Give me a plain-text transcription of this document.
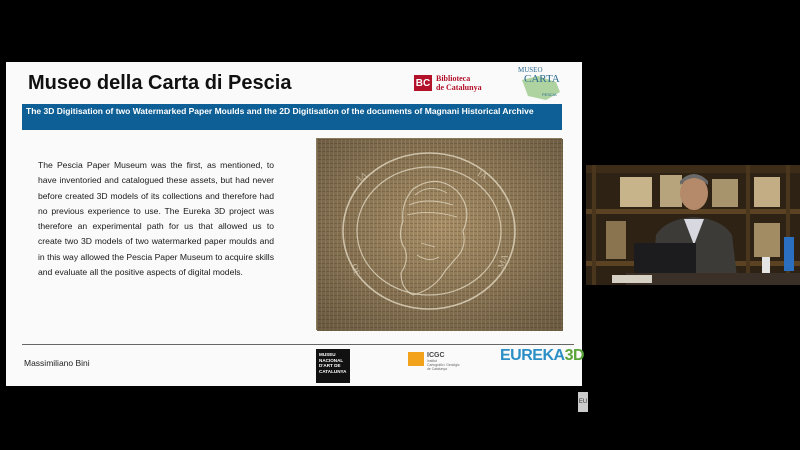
Museo della Carta di Pescia	BC Biblioteca
de Catalunya
MUSEO
CARTA
PESCIA
The 3D Digitisation of two Watermarked Paper Moulds and the 2D Digitisation of the documents of Magnani Historical Archive
The Pescia Paper Museum was the first, as mentioned, to have inventoried and catalogued these assets, but had never before created 3D models of its collections and therefore had no previous experience to use. The Eureka 3D project was therefore an experimental path for us that allowed us to create two 3D models of two watermarked paper moulds and in this way allowed the Pescia Paper Museum to acquire skills and evaluate all the positive aspects of digital models.
ΑΔ	ΙΑ
ΩΕ
ΜΑ
Massimiliano Bini
MUSEU NACIONAL D'ART DE CATALUNYA
ICGC
Institut
Cartogràfic i Geològic
de Catalunya
EUREKA3D
EU
